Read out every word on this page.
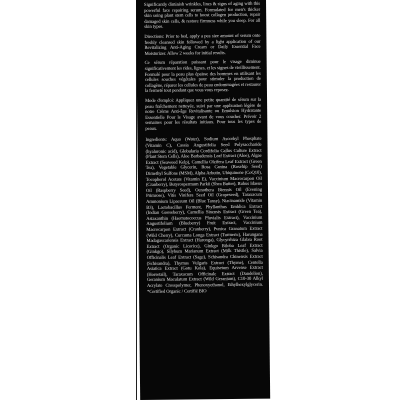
Significantly diminish wrinkles, lines & signs of aging with this powerful face repairing serum. Formulated for men's thicker skin using plant stem cells to boost collagen production, repair damaged skin cells, & restore firmness while you sleep. For all skin types.

Directions: Prior to bed, apply a pea size amount of serum onto freshly cleansed skin followed by a light application of our Revitalizing Anti-Aging Cream or Daily Essential Face Moisturizer. Allow 2 weeks for initial results.

Ce sérum réparation puissant pour le visage diminue significativement les rides, lignes, et les signes de vieillissement. Formulé pour la peau plus épaisse des hommes en utilisant les cellules souches végétales pour stimuler la production de collagène, réparer les cellules de peau endommagées et restaurer la fermeté tout pendant que vous vous reposez.

Mode d'emploi: Appliquez une petite quantité de sérum sur la peau fraîchement nettoyée, suivi par une application légère de notre Crème Anti-âge Revitalisante ou Emulsion Hydratante Essentielle Pour le Visage avant de vous coucher. Prévoir 2 semaines pour les résultats initiaux. Pour tous les types de peaux.

Ingredients: Aqua (Water), Sodium Ascorbyl Phosphate (Vitamin C), Cassia Angustifolia Seed Polysaccharide (hyaluronic acid), Globularia Cordifolia Callus Culture Extract (Plant Stem Cells), Aloe Barbadensis Leaf Extract (Aloe), Algae Extract (Seaweed Kelp), Camellia Oleifera Leaf Extract (Green Tea), Vegetable Glycerin, Rosa Canina (Rosehip Seed) Dimethyl Sulfone (MSM), Alpha Arbutin, Ubiquinone (CoQ10), Tocopherol Acetate (Vitamin E), Vaccinium Macrocarpon Oil (Cranberry), Butyrospermum Parkii (Shea Butter), Rubus Idaeus Oil (Raspberry Seed), Oenothera Biennis Oil (Evening Primrose), Vitis Vinifera Seed Oil (Grapeseed), Taraxacum Ammonium Lipaceum Oil (Blue Tansy), Niacinamide (Vitamin B3), Lactobacillus Ferment, Phyllanthus Emblica Extract (Indian Gooseberry), Camellia Sinensis Extract (Green Tea), Astaxanthin (Haematococcus Pluvialis Extract), Vaccinium Angustifolium (Blueberry) Fruit Extract, Vaccinium Macrocarpon Extract (Cranberry), Punica Granatum Extract (Wild Cherry), Curcuma Longa Extract (Turmeric), Harungana Madagascariensis Extract (Haronga), Glycyrrhiza Glabra Root Extract (Organic Licorice), Ginkgo Biloba Leaf Extract (Ginkgo), Silybum Marianum Extract (Milk Thistle), Salvia Officinalis Leaf Extract (Sage), Schisandra Chinensis Extract (Schisandra), Thymus Vulgaris Extract (Thyme), Centella Asiatica Extract (Gotu Kola), Equisetum Arvense Extract (Horsetail), Taraxacum Officinale Extract (Dandelion), Geranium Maculatum Extract (Wild Geranium), C10-30 Alkyl Acrylate Crosspolymer, Phenoxyethanol, Ethylhexylglycerin. *Certified Organic / Certifié BIO
